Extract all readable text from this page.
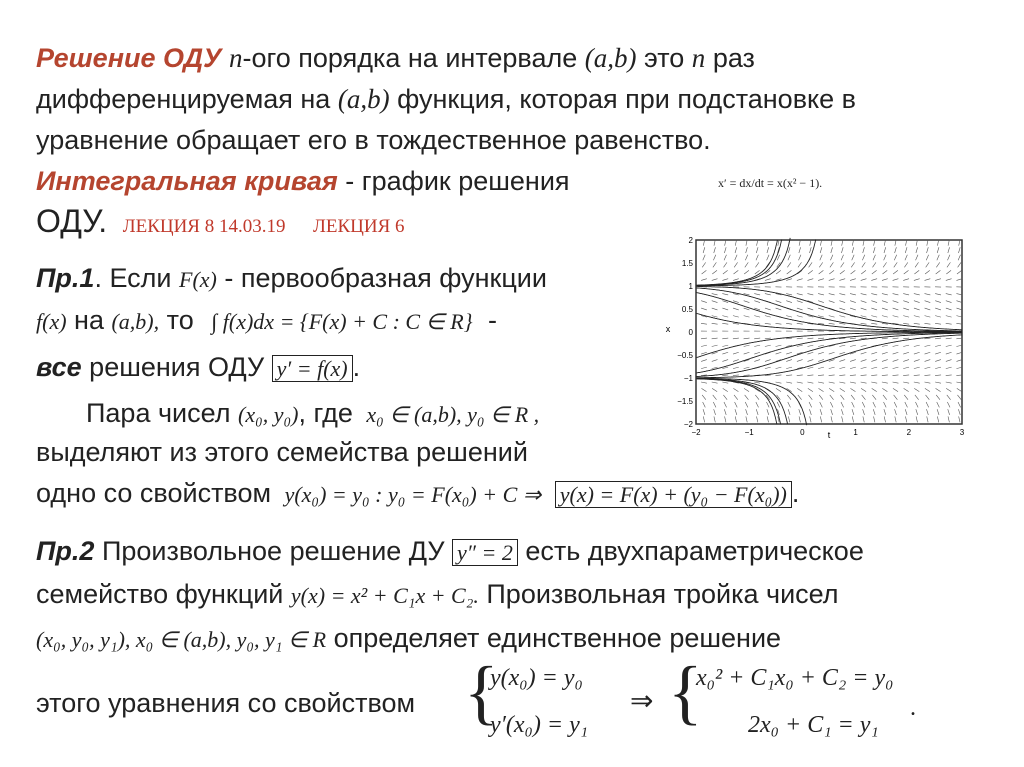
Решение ОДУ n-ого порядка на интервале (a,b) это n раз
дифференцируемая на (a,b) функция, которая при подстановке в
уравнение обращает его в тождественное равенство.
Интегральная кривая - график решения
ОДУ. ЛЕКЦИЯ 8 14.03.19 ЛЕКЦИЯ 6
x′ = dx/dt = x(x² − 1).
−2	−1	0	1	2	3
2
1.5
1
0.5
0
−0.5
−1
−1.5
−2
t
x
Пр.1. Если F(x) - первообразная функции
f(x) на (a,b), то ∫ f(x)dx = {F(x) + C : C ∈ R} -
все решения ОДУ y′ = f(x) .
Пара чисел (x₀, y₀), где x₀ ∈ (a,b), y₀ ∈ R ,
выделяют из этого семейства решений
одно со свойством y(x₀) = y₀ : y₀ = F(x₀) + C ⇒ y(x) = F(x) + (y₀ − F(x₀)) .
Пр.2 Произвольное решение ДУ y″ = 2 есть двухпараметрическое
семейство функций y(x) = x² + C₁x + C₂. Произвольная тройка чисел
(x₀, y₀, y₁), x₀ ∈ (a,b), y₀, y₁ ∈ R определяет единственное решение
этого уравнения со свойством {
y(x₀) = y₀
y′(x₀) = y₁
⇒ {
x₀² + C₁x₀ + C₂ = y₀
2x₀ + C₁ = y₁
.
